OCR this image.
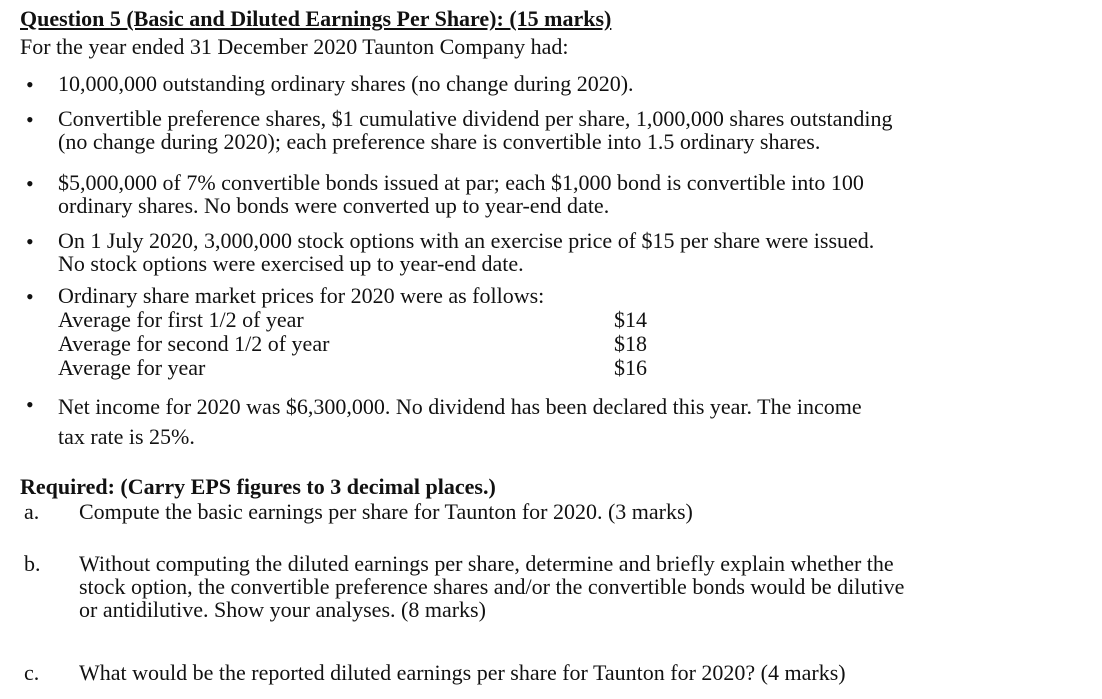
Question 5 (Basic and Diluted Earnings Per Share): (15 marks)
For the year ended 31 December 2020 Taunton Company had:
• 10,000,000 outstanding ordinary shares (no change during 2020).
• Convertible preference shares, $1 cumulative dividend per share, 1,000,000 shares outstanding
(no change during 2020); each preference share is convertible into 1.5 ordinary shares.
• $5,000,000 of 7% convertible bonds issued at par; each $1,000 bond is convertible into 100
ordinary shares. No bonds were converted up to year-end date.
• On 1 July 2020, 3,000,000 stock options with an exercise price of $15 per share were issued.
No stock options were exercised up to year-end date.
• Ordinary share market prices for 2020 were as follows:
Average for first 1/2 of year	$14
Average for second 1/2 of year	$18
Average for year	$16
• Net income for 2020 was $6,300,000. No dividend has been declared this year. The income
tax rate is 25%.
Required: (Carry EPS figures to 3 decimal places.)
a. Compute the basic earnings per share for Taunton for 2020. (3 marks)
b. Without computing the diluted earnings per share, determine and briefly explain whether the
stock option, the convertible preference shares and/or the convertible bonds would be dilutive
or antidilutive. Show your analyses. (8 marks)
c. What would be the reported diluted earnings per share for Taunton for 2020? (4 marks)
